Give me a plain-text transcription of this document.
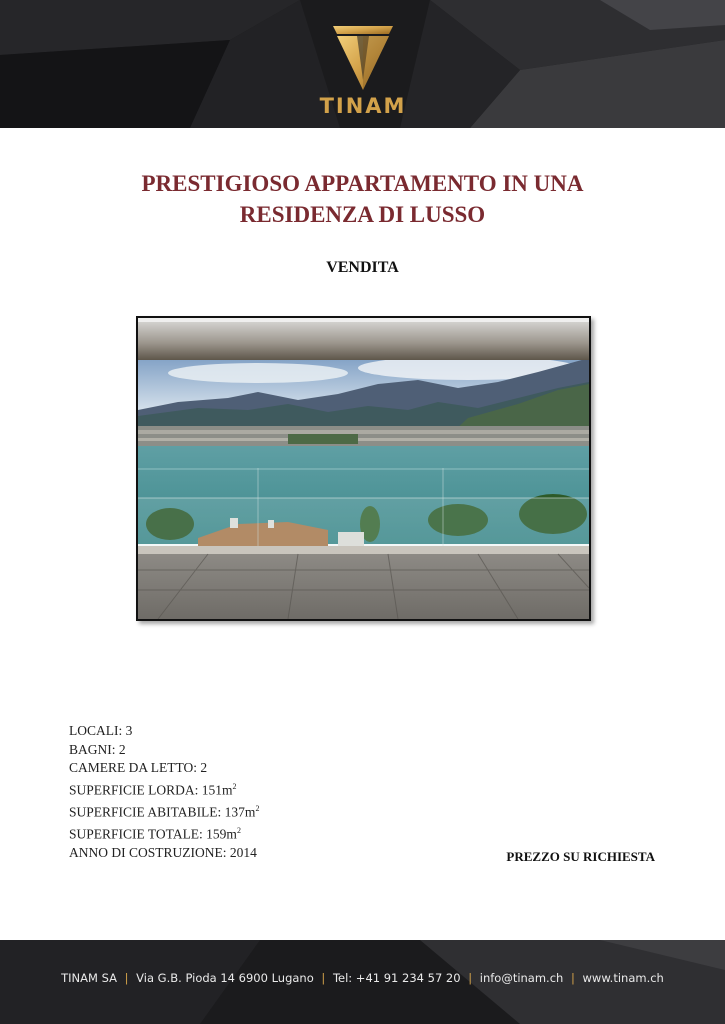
TINAM
PRESTIGIOSO APPARTAMENTO IN UNA
RESIDENZA DI LUSSO
VENDITA
LOCALI: 3
BAGNI: 2
CAMERE DA LETTO: 2
SUPERFICIE LORDA: $151m^2$
SUPERFICIE ABITABILE: $137m^2$
SUPERFICIE TOTALE: $159m^2$
ANNO DI COSTRUZIONE: 2014	PREZZO SU RICHIESTA
TINAM SA | Via G.B. Pioda 14 6900 Lugano | Tel: +41 91 234 57 20 | info@tinam.ch | www.tinam.ch
